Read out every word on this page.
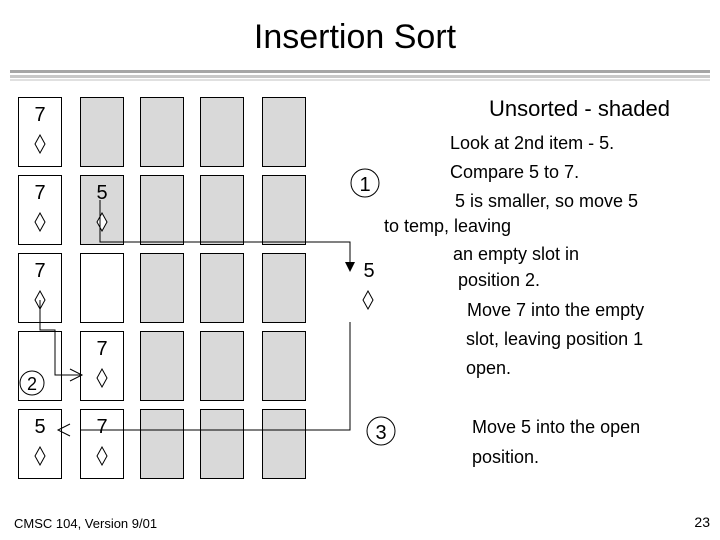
Insertion Sort
7
7	5
7
7
5	7
5
1
2
3
Unsorted - shaded
Look at 2nd item - 5.
Compare 5 to 7.
5 is smaller, so move 5
to temp, leaving
an empty slot in
position 2.
Move 7 into the empty
slot, leaving position 1
open.
Move 5 into the open
position.
CMSC 104, Version 9/01	23
